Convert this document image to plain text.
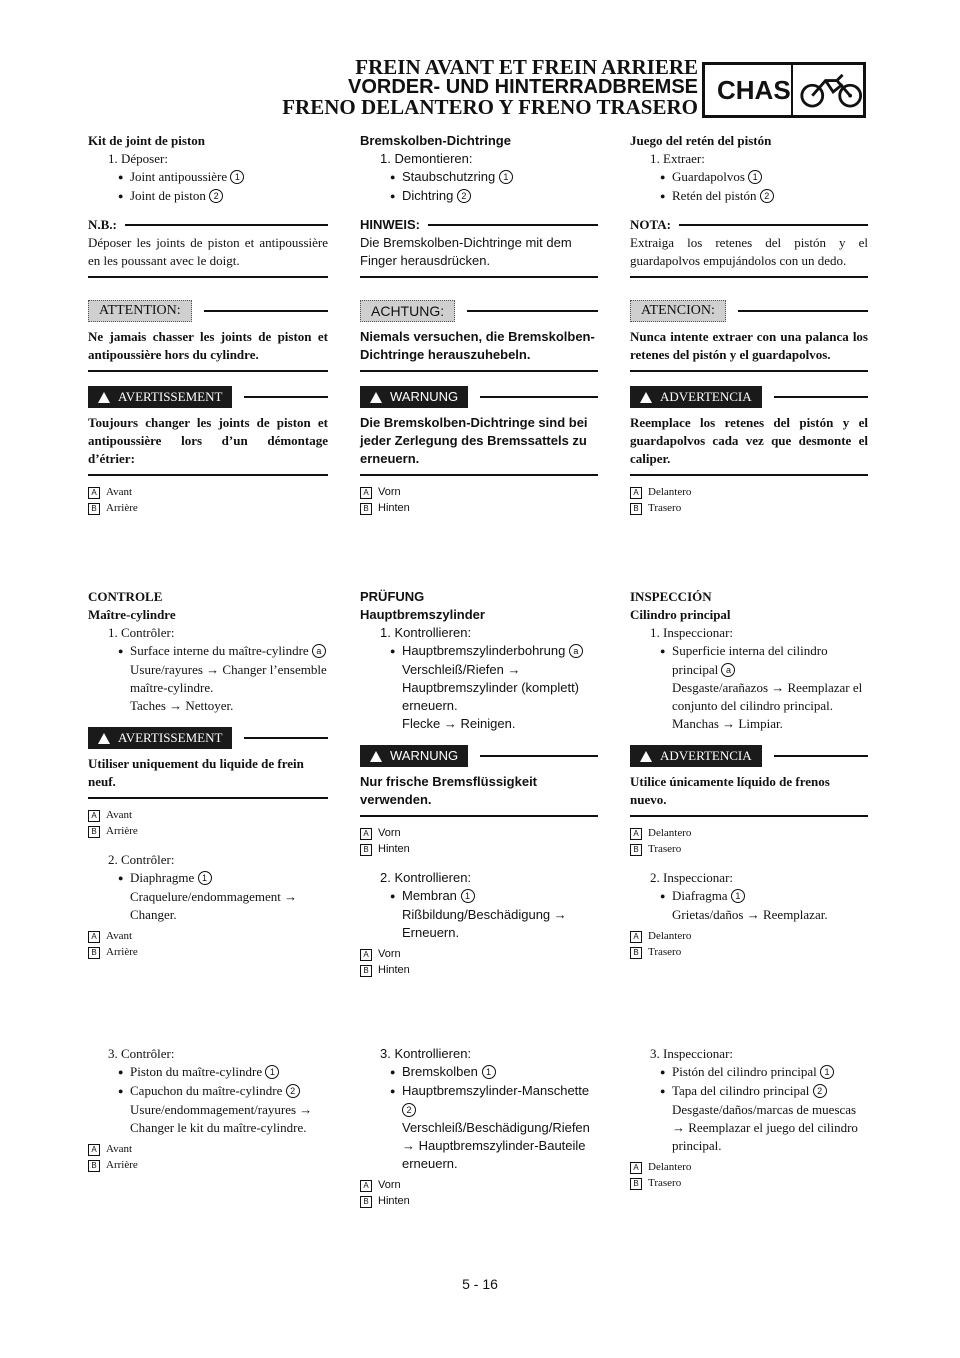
FREIN AVANT ET FREIN ARRIERE
VORDER- UND HINTERRADBREMSE
FRENO DELANTERO Y FRENO TRASERO
CHAS
Kit de joint de piston
1. Déposer:
● Joint antipoussière 1
● Joint de piston 2
N.B.:
Déposer les joints de piston et antipoussière en les poussant avec le doigt.
ATTENTION:
Ne jamais chasser les joints de piston et antipoussière hors du cylindre.
AVERTISSEMENT
Toujours changer les joints de piston et antipoussière lors d’un démontage d’étrier:
A Avant
B Arrière
CONTROLE
Maître-cylindre
1. Contrôler:
● Surface interne du maître-cylindre a
Usure/rayures → Changer l’ensemble maître-cylindre.
Taches → Nettoyer.
AVERTISSEMENT
Utiliser uniquement du liquide de frein neuf.
A Avant
B Arrière
2. Contrôler:
● Diaphragme 1
Craquelure/endommagement → Changer.
A Avant
B Arrière
3. Contrôler:
● Piston du maître-cylindre 1
● Capuchon du maître-cylindre 2
Usure/endommagement/rayures → Changer le kit du maître-cylindre.
A Avant
B Arrière
Bremskolben-Dichtringe
1. Demontieren:
● Staubschutzring 1
● Dichtring 2
HINWEIS:
Die Bremskolben-Dichtringe mit dem Finger herausdrücken.
ACHTUNG:
Niemals versuchen, die Bremskolben-Dichtringe herauszuhebeln.
WARNUNG
Die Bremskolben-Dichtringe sind bei jeder Zerlegung des Bremssattels zu erneuern.
A Vorn
B Hinten
PRÜFUNG
Hauptbremszylinder
1. Kontrollieren:
● Hauptbremszylinderbohrung a
Verschleiß/Riefen → Hauptbremszylinder (komplett) erneuern.
Flecke → Reinigen.
WARNUNG
Nur frische Bremsflüssigkeit verwenden.
A Vorn
B Hinten
2. Kontrollieren:
● Membran 1
Rißbildung/Beschädigung → Erneuern.
A Vorn
B Hinten
3. Kontrollieren:
● Bremskolben 1
● Hauptbremszylinder-Manschette 2
Verschleiß/Beschädigung/Riefen → Hauptbremszylinder-Bauteile erneuern.
A Vorn
B Hinten
Juego del retén del pistón
1. Extraer:
● Guardapolvos 1
● Retén del pistón 2
NOTA:
Extraiga los retenes del pistón y el guardapolvos empujándolos con un dedo.
ATENCION:
Nunca intente extraer con una palanca los retenes del pistón y el guardapolvos.
ADVERTENCIA
Reemplace los retenes del pistón y el guardapolvos cada vez que desmonte el caliper.
A Delantero
B Trasero
INSPECCIÓN
Cilindro principal
1. Inspeccionar:
● Superficie interna del cilindro principal a
Desgaste/arañazos → Reemplazar el conjunto del cilindro principal.
Manchas → Limpiar.
ADVERTENCIA
Utilice únicamente líquido de frenos nuevo.
A Delantero
B Trasero
2. Inspeccionar:
● Diafragma 1
Grietas/daños → Reemplazar.
A Delantero
B Trasero
3. Inspeccionar:
● Pistón del cilindro principal 1
● Tapa del cilindro principal 2
Desgaste/daños/marcas de muescas → Reemplazar el juego del cilindro principal.
A Delantero
B Trasero
5 - 16
